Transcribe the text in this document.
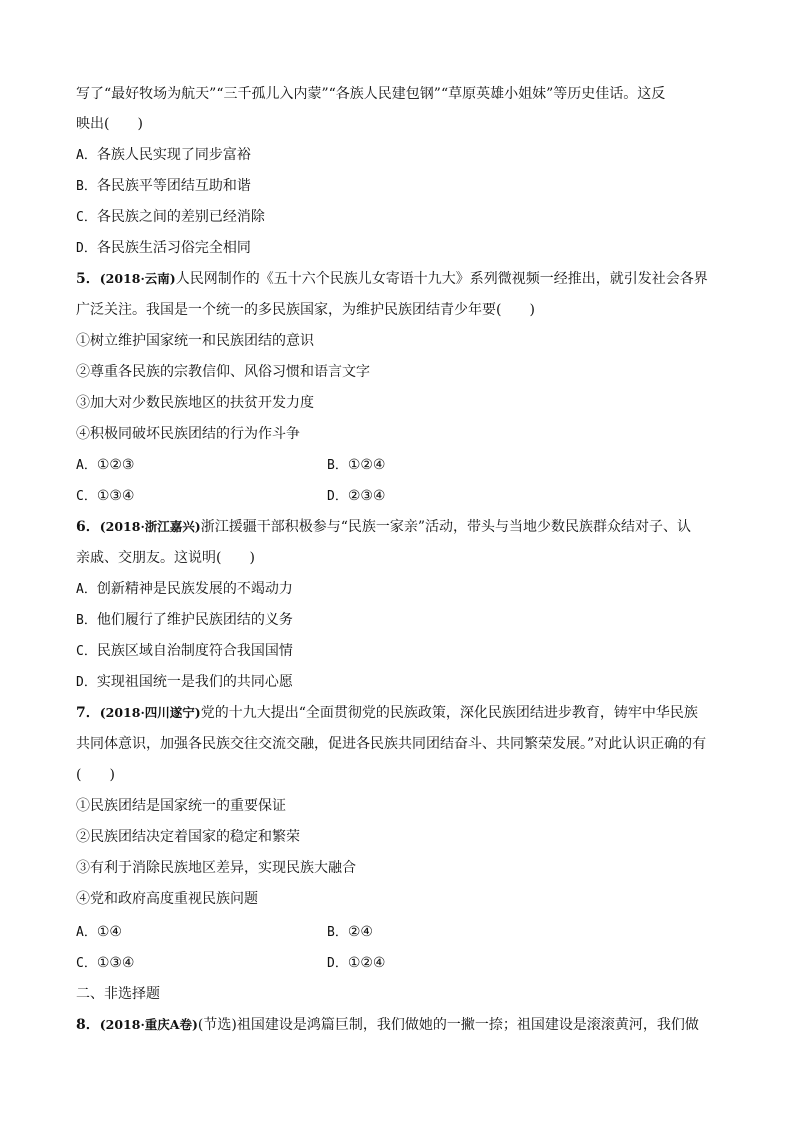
写了“最好牧场为航天”“三千孤儿入内蒙”“各族人民建包钢”“草原英雄小姐妹”等历史佳话。这反
映出(　　)
A．各族人民实现了同步富裕
B．各民族平等团结互助和谐
C．各民族之间的差别已经消除
D．各民族生活习俗完全相同
5．(2018·云南)人民网制作的《五十六个民族儿女寄语十九大》系列微视频一经推出，就引发社会各界
广泛关注。我国是一个统一的多民族国家，为维护民族团结青少年要(　　)
①树立维护国家统一和民族团结的意识
②尊重各民族的宗教信仰、风俗习惯和语言文字
③加大对少数民族地区的扶贫开发力度
④积极同破坏民族团结的行为作斗争
A．①②③	B．①②④
C．①③④	D．②③④
6．(2018·浙江嘉兴)浙江援疆干部积极参与“民族一家亲”活动，带头与当地少数民族群众结对子、认
亲戚、交朋友。这说明(　　)
A．创新精神是民族发展的不竭动力
B．他们履行了维护民族团结的义务
C．民族区域自治制度符合我国国情
D．实现祖国统一是我们的共同心愿
7．(2018·四川遂宁)党的十九大提出“全面贯彻党的民族政策，深化民族团结进步教育，铸牢中华民族
共同体意识，加强各民族交往交流交融，促进各民族共同团结奋斗、共同繁荣发展。”对此认识正确的有
(　　)
①民族团结是国家统一的重要保证
②民族团结决定着国家的稳定和繁荣
③有利于消除民族地区差异，实现民族大融合
④党和政府高度重视民族问题
A．①④	B．②④
C．①③④	D．①②④
二、非选择题
8．(2018·重庆A卷)(节选)祖国建设是鸿篇巨制，我们做她的一撇一捺；祖国建设是滚滚黄河，我们做
